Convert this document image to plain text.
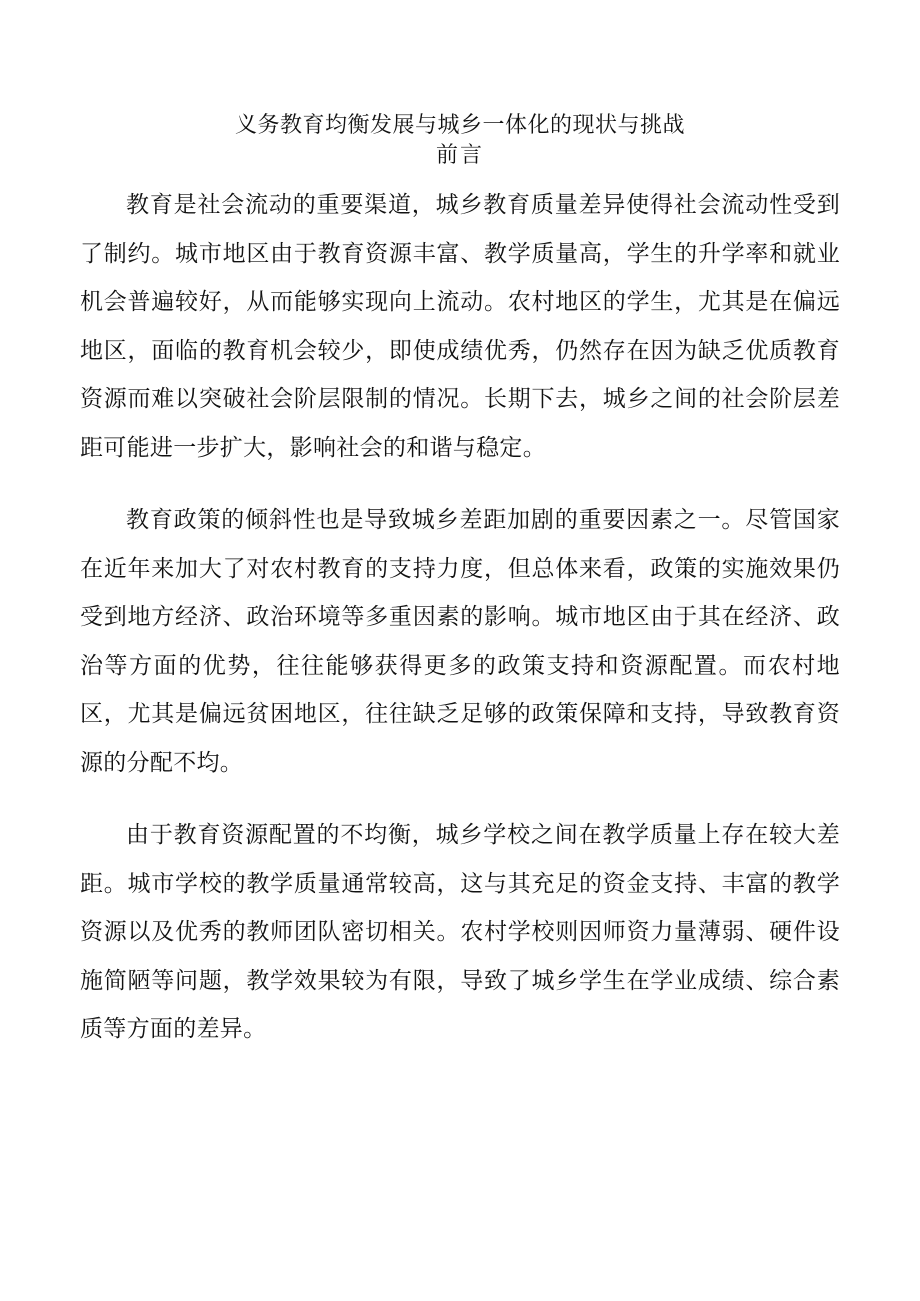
义务教育均衡发展与城乡一体化的现状与挑战
前言

教育是社会流动的重要渠道，城乡教育质量差异使得社会流动性受到了制约。城市地区由于教育资源丰富、教学质量高，学生的升学率和就业机会普遍较好，从而能够实现向上流动。农村地区的学生，尤其是在偏远地区，面临的教育机会较少，即使成绩优秀，仍然存在因为缺乏优质教育资源而难以突破社会阶层限制的情况。长期下去，城乡之间的社会阶层差距可能进一步扩大，影响社会的和谐与稳定。

教育政策的倾斜性也是导致城乡差距加剧的重要因素之一。尽管国家在近年来加大了对农村教育的支持力度，但总体来看，政策的实施效果仍受到地方经济、政治环境等多重因素的影响。城市地区由于其在经济、政治等方面的优势，往往能够获得更多的政策支持和资源配置。而农村地区，尤其是偏远贫困地区，往往缺乏足够的政策保障和支持，导致教育资源的分配不均。

由于教育资源配置的不均衡，城乡学校之间在教学质量上存在较大差距。城市学校的教学质量通常较高，这与其充足的资金支持、丰富的教学资源以及优秀的教师团队密切相关。农村学校则因师资力量薄弱、硬件设施简陋等问题，教学效果较为有限，导致了城乡学生在学业成绩、综合素质等方面的差异。
